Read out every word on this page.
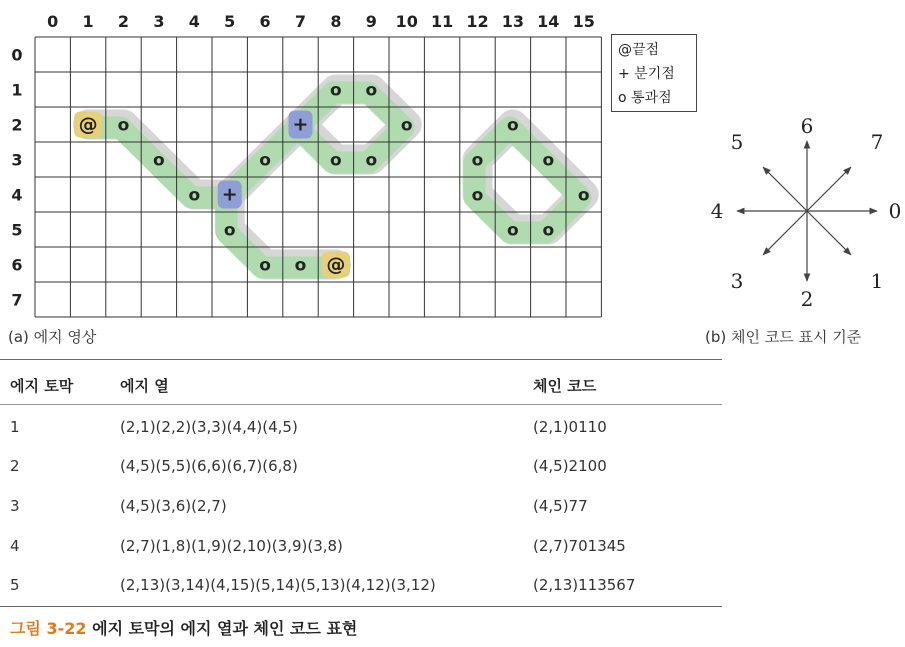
0 1 2 3 4 5 6 7 8 9 10 11 12 13 14 15
0
1
2
3
4
5
6
7
@ o
o
o +
o
o o @
o
+
o o
o
o
o
o
o
o
o
o
o
o
0
1
2
3
4
5
6
7
@끝점
+ 분기점
o 통과점
(a) 에지 영상	(b) 체인 코드 표시 기준
에지 토막	에지 열	체인 코드
1	(2,1)(2,2)(3,3)(4,4)(4,5)	(2,1)0110
2	(4,5)(5,5)(6,6)(6,7)(6,8)	(4,5)2100
3	(4,5)(3,6)(2,7)	(4,5)77
4	(2,7)(1,8)(1,9)(2,10)(3,9)(3,8)	(2,7)701345
5	(2,13)(3,14)(4,15)(5,14)(5,13)(4,12)(3,12)	(2,13)113567
그림 3-22 에지 토막의 에지 열과 체인 코드 표현
